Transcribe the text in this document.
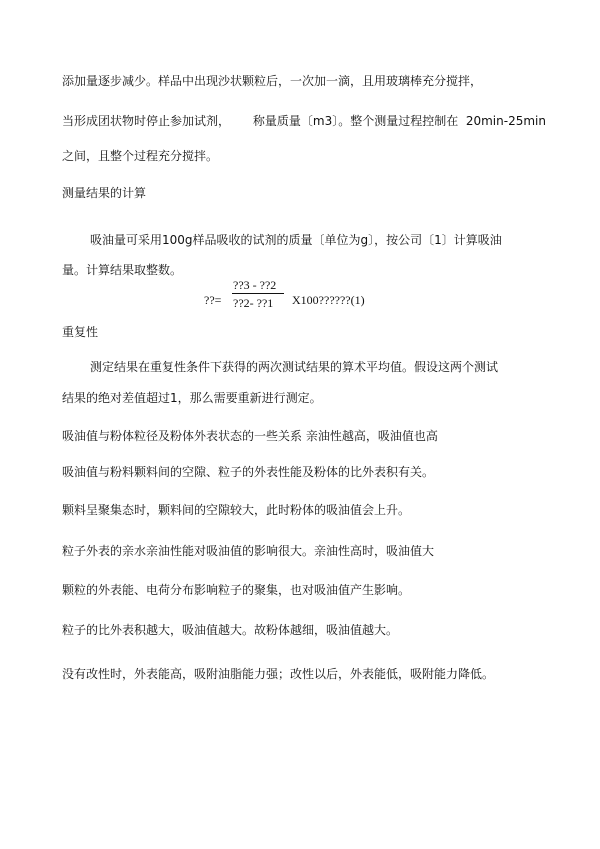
添加量逐步减少。样品中出现沙状颗粒后，一次加一滴，且用玻璃棒充分搅拌，
当形成团状物时停止参加试剂，      称量质量〔m3〕。整个测量过程控制在  20min-25min
之间，且整个过程充分搅拌。
测量结果的计算
吸油量可采用100g样品吸收的试剂的质量〔单位为g〕，按公司〔1〕计算吸油
量。计算结果取整数。
??3 - ??2
??= ??2- ??1 X100??????(1)
重复性
测定结果在重复性条件下获得的两次测试结果的算术平均值。假设这两个测试
结果的绝对差值超过1，那么需要重新进行测定。
吸油值与粉体粒径及粉体外表状态的一些关系 亲油性越高，吸油值也高
吸油值与粉料颗料间的空隙、粒子的外表性能及粉体的比外表积有关。
颗料呈聚集态时，颗料间的空隙较大，此时粉体的吸油值会上升。
粒子外表的亲水亲油性能对吸油值的影响很大。亲油性高时，吸油值大
颗粒的外表能、电荷分布影响粒子的聚集，也对吸油值产生影响。
粒子的比外表积越大，吸油值越大。故粉体越细，吸油值越大。
没有改性时，外表能高，吸附油脂能力强；改性以后，外表能低，吸附能力降低。
